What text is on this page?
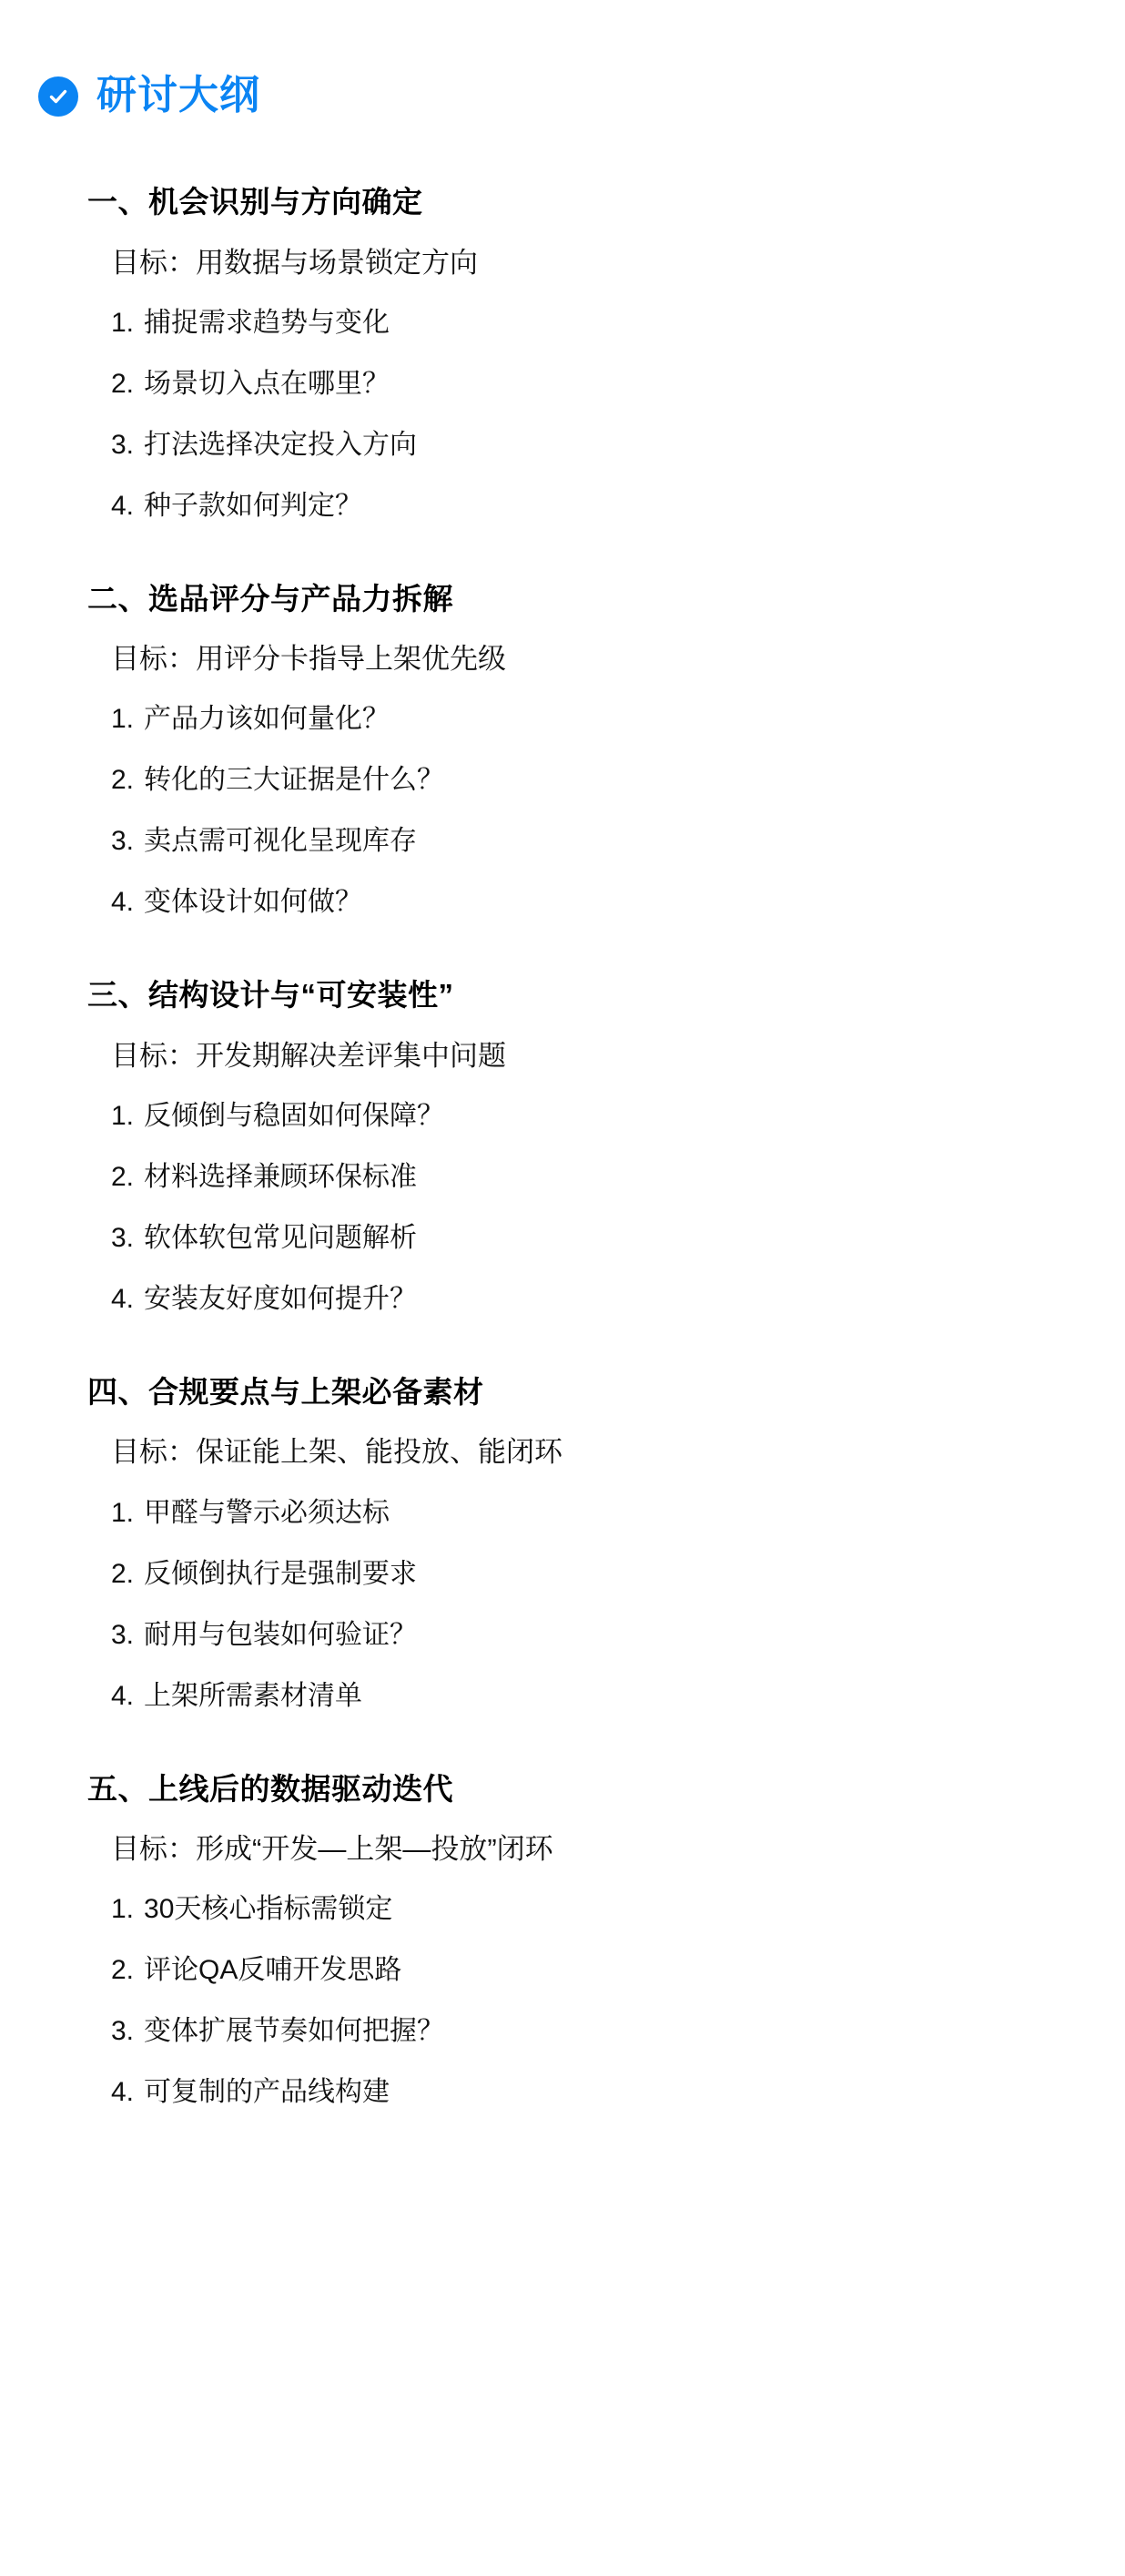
研讨大纲
一、机会识别与方向确定
目标：用数据与场景锁定方向
1. 捕捉需求趋势与变化
2. 场景切入点在哪里？
3. 打法选择决定投入方向
4. 种子款如何判定？
二、选品评分与产品力拆解
目标：用评分卡指导上架优先级
1. 产品力该如何量化？
2. 转化的三大证据是什么？
3. 卖点需可视化呈现库存
4. 变体设计如何做？
三、结构设计与“可安装性”
目标：开发期解决差评集中问题
1. 反倾倒与稳固如何保障？
2. 材料选择兼顾环保标准
3. 软体软包常见问题解析
4. 安装友好度如何提升？
四、合规要点与上架必备素材
目标：保证能上架、能投放、能闭环
1. 甲醛与警示必须达标
2. 反倾倒执行是强制要求
3. 耐用与包装如何验证？
4. 上架所需素材清单
五、上线后的数据驱动迭代
目标：形成“开发—上架—投放”闭环
1. 30天核心指标需锁定
2. 评论QA反哺开发思路
3. 变体扩展节奏如何把握？
4. 可复制的产品线构建
